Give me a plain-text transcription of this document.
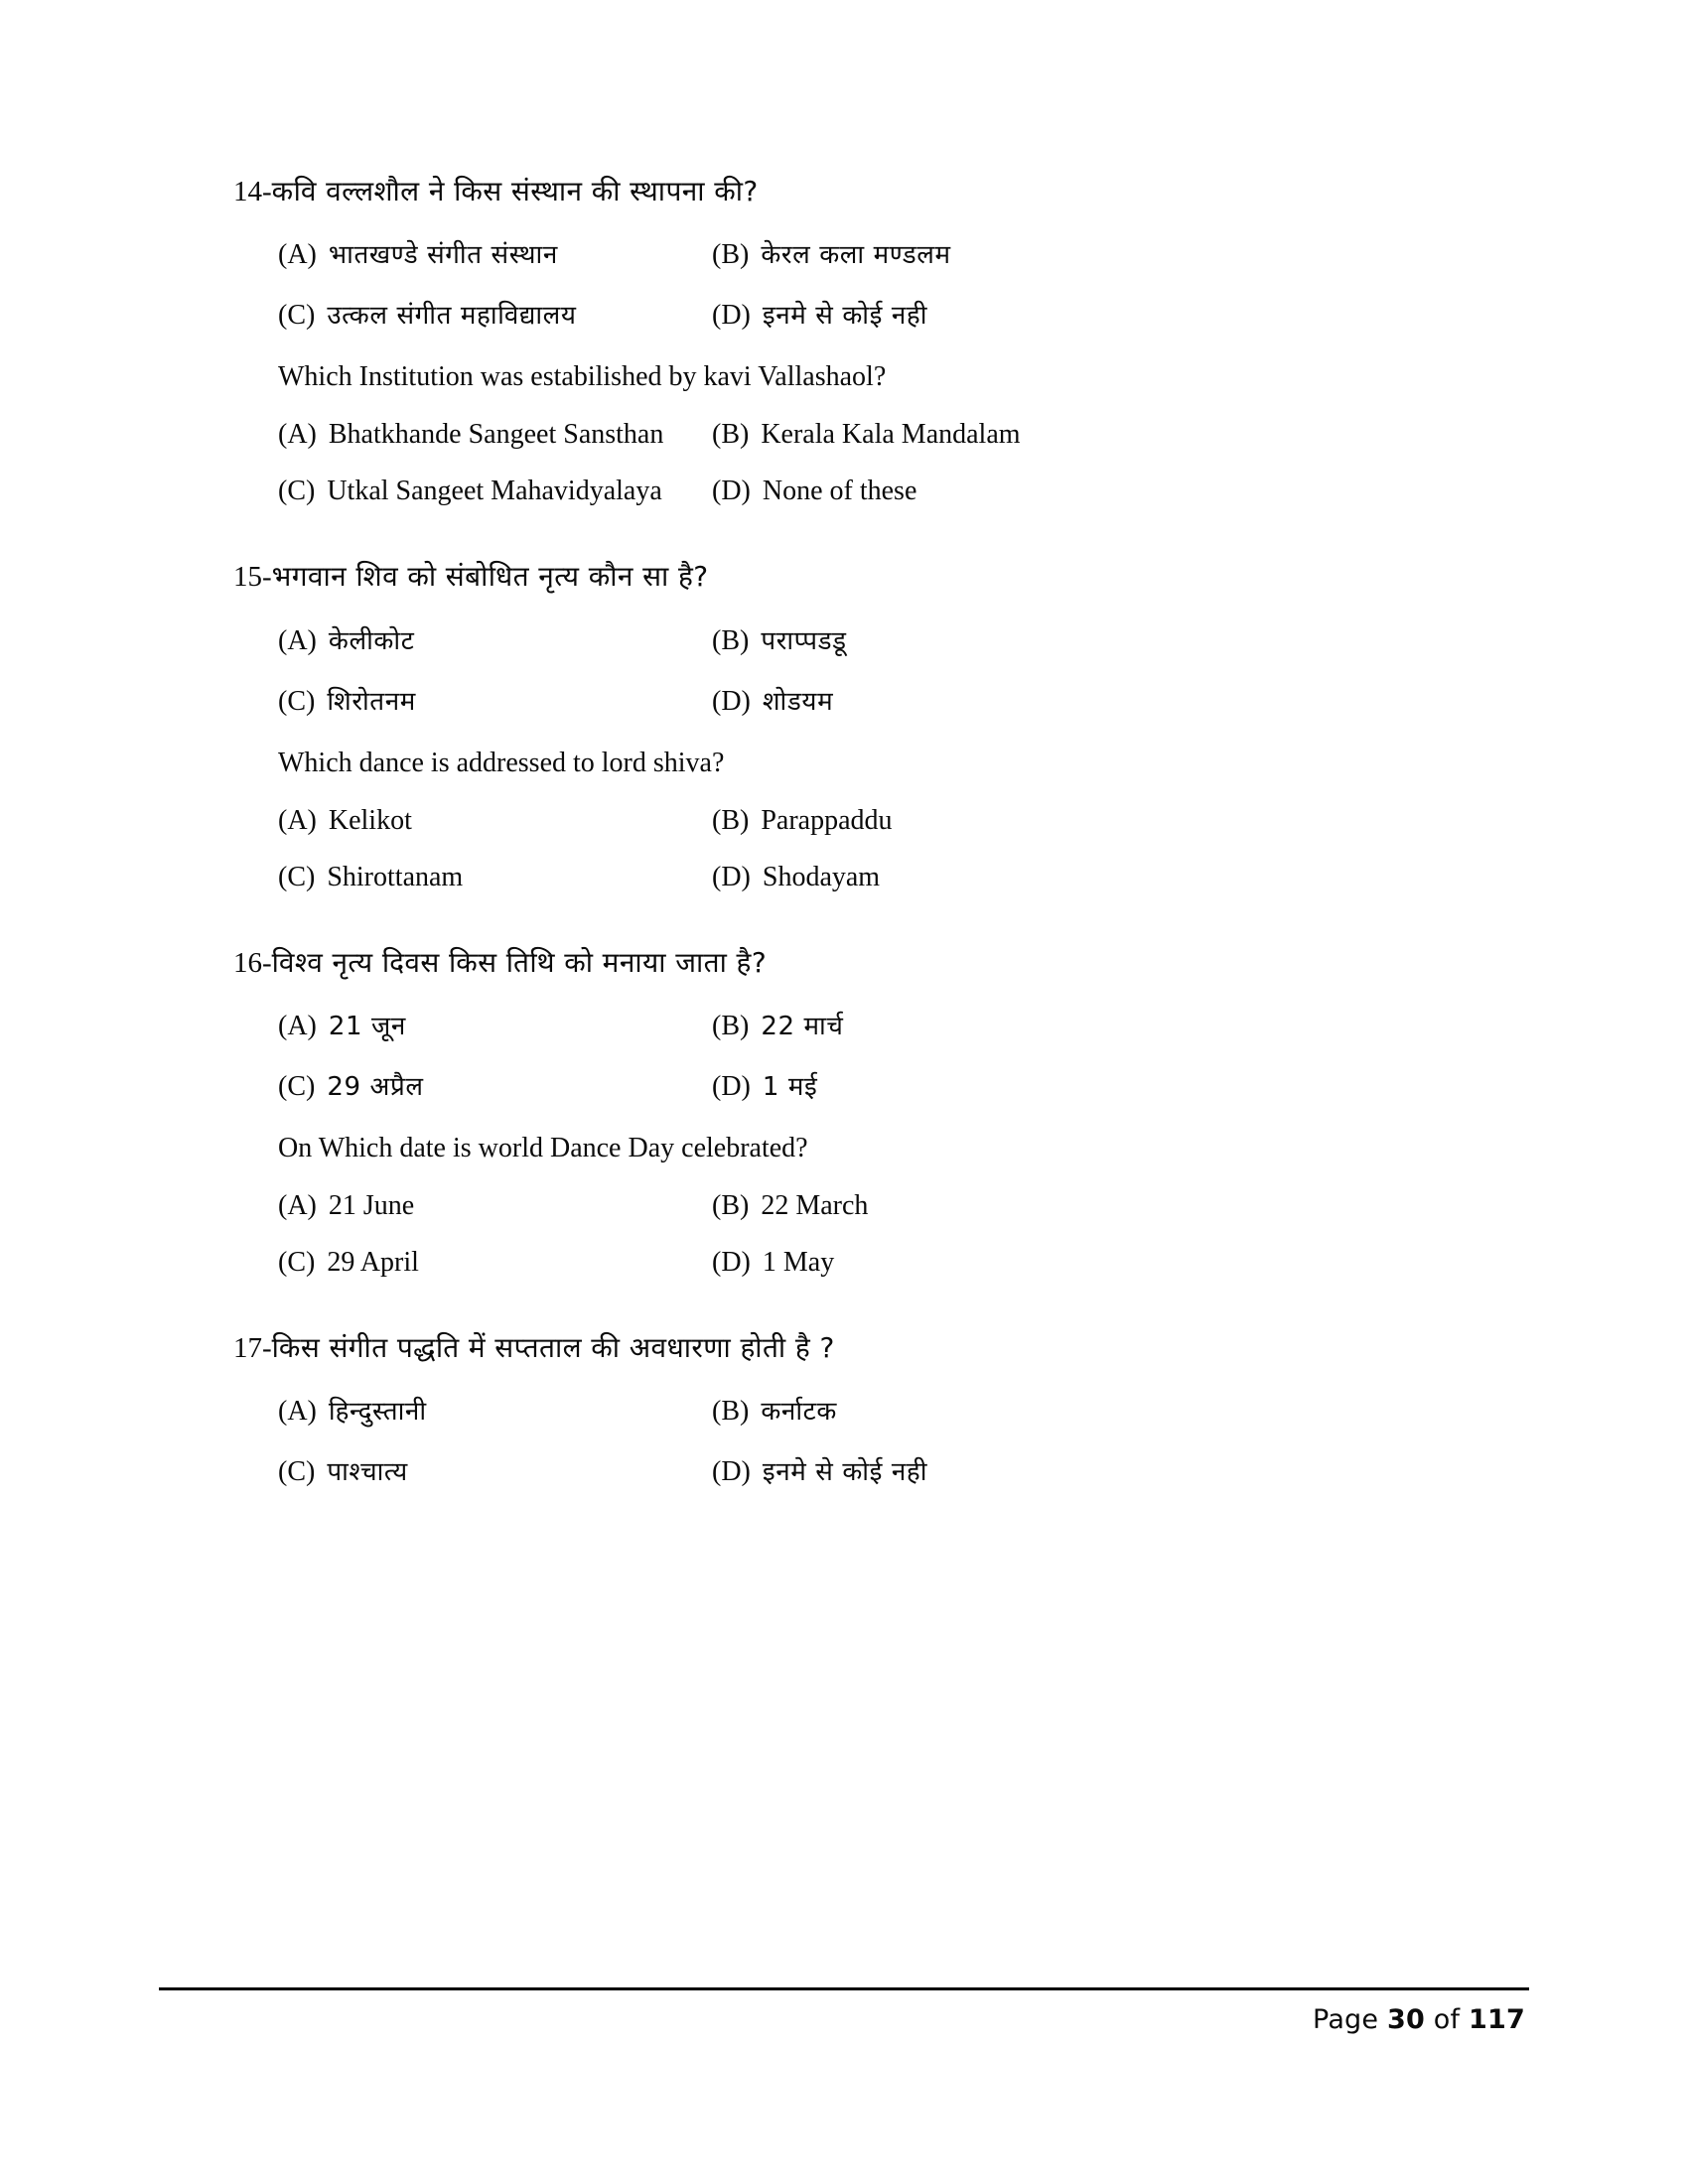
14-कवि वल्लशौल ने किस संस्थान की स्थापना की?
(A) भातखण्डे संगीत संस्थान	(B) केरल कला मण्डलम
(C) उत्कल संगीत महाविद्यालय	(D) इनमे से कोई नही
Which Institution was estabilished by kavi Vallashaol?
(A) Bhatkhande Sangeet Sansthan (B) Kerala Kala Mandalam
(C) Utkal Sangeet Mahavidyalaya (D) None of these
15-भगवान शिव को संबोधित नृत्य कौन सा है?
(A) केलीकोट	(B) पराप्पडडू
(C) शिरोतनम	(D) शोडयम
Which dance is addressed to lord shiva?
(A) Kelikot	(B) Parappaddu
(C) Shirottanam	(D) Shodayam
16-विश्व नृत्य दिवस किस तिथि को मनाया जाता है?
(A) 21 जून	(B) 22 मार्च
(C) 29 अप्रैल	(D) 1 मई
On Which date is world Dance Day celebrated?
(A) 21 June	(B) 22 March
(C) 29 April	(D) 1 May
17-किस संगीत पद्धति में सप्तताल की अवधारणा होती है ?
(A) हिन्दुस्तानी	(B) कर्नाटक
(C) पाश्चात्य	(D) इनमे से कोई नही
Page 30 of 117
